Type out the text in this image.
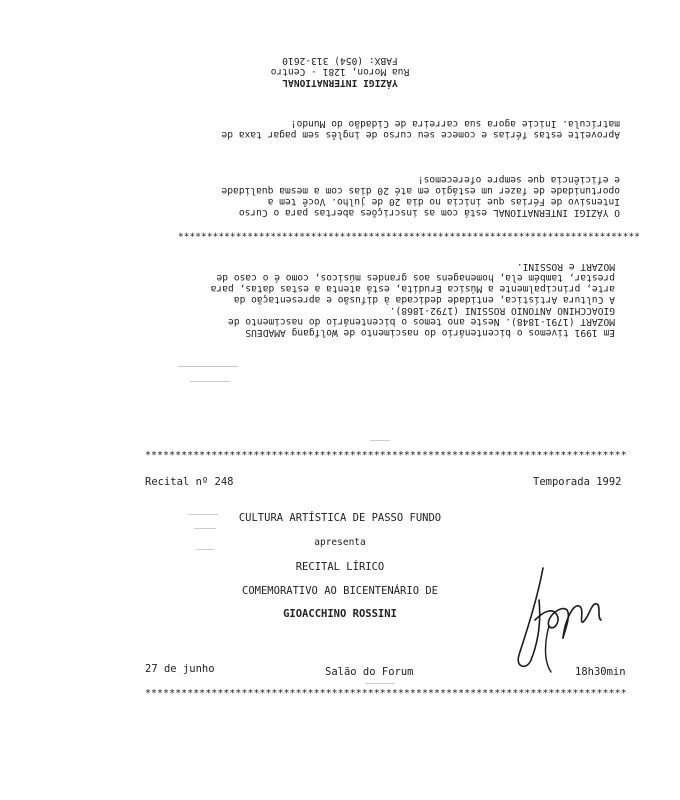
YÁZIGI INTERNATIONAL
Rua Moron, 1281 - Centro
FABX: (054) 313-2610
Aproveite estas férias e comece seu curso de inglês sem pagar taxa de
matrícula. Inicie agora sua carreira de Cidadão do Mundo!
O YÁZIGI INTERNATIONAL está com as inscrições abertas para o Curso
Intensivo de Férias que inicia no dia 20 de julho. Você tem a
oportunidade de fazer um estágio em até 20 dias com a mesma qualidade
e eficiência que sempre oferecemos!
********************************************************************************
Em 1991 tivemos o bicentenário do nascimento de Wolfgang AMADEUS
MOZART (1791-1848). Neste ano temos o bicentenário do nascimento de
GIOACCHINO ANTONIO ROSSINI (1792-1868).
A Cultura Artística, entidade dedicada à difusão e apresentação da
arte, principalmente a Música Erudita, está atenta a estas datas, para
prestar, também ela, homenagens aos grandes músicos, como é o caso de
MOZART e ROSSINI.
********************************************************************************
Recital nº 248	Temporada 1992
CULTURA ARTÍSTICA DE PASSO FUNDO
apresenta
RECITAL LÍRICO
COMEMORATIVO AO BICENTENÁRIO DE
GIOACCHINO ROSSINI
27 de junho	Salão do Forum	18h30min
********************************************************************************
